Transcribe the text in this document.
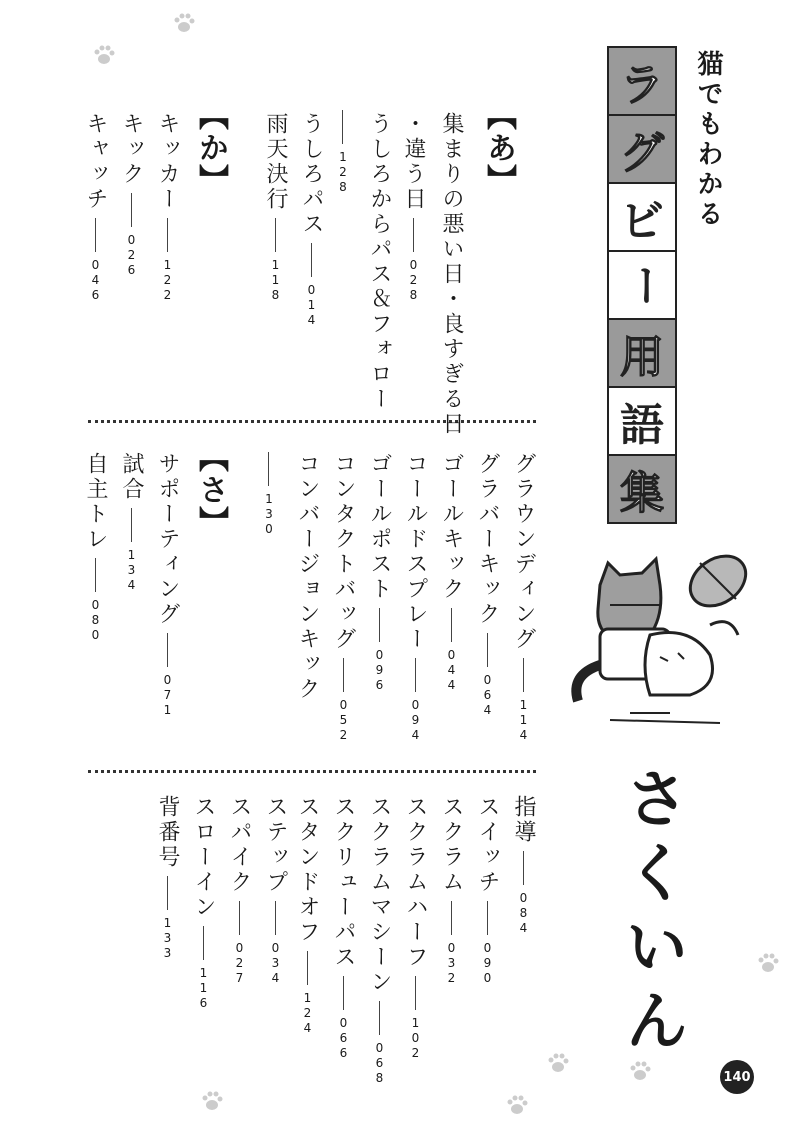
ラ
グ
ビ
ー
用
語
集
猫でもわかる
さくいん
【あ】
集まりの悪い日・良すぎる日
・違う日
028
うしろからパス＆フォロー
128
うしろパス
014
雨天決行
118
【か】
キッカー
122
キック
026
キャッチ
046
グラウンディング
114
グラバーキック
064
ゴールキック
044
コールドスプレー
094
ゴールポスト
096
コンタクトバッグ
052
コンバージョンキック
130
【さ】
サポーティング
071
試合
134
自主トレ
080
指導
084
スイッチ
090
スクラム
032
スクラムハーフ
102
スクラムマシーン
068
スクリューパス
066
スタンドオフ
124
ステップ
034
スパイク
027
スローイン
116
背番号
133
140
